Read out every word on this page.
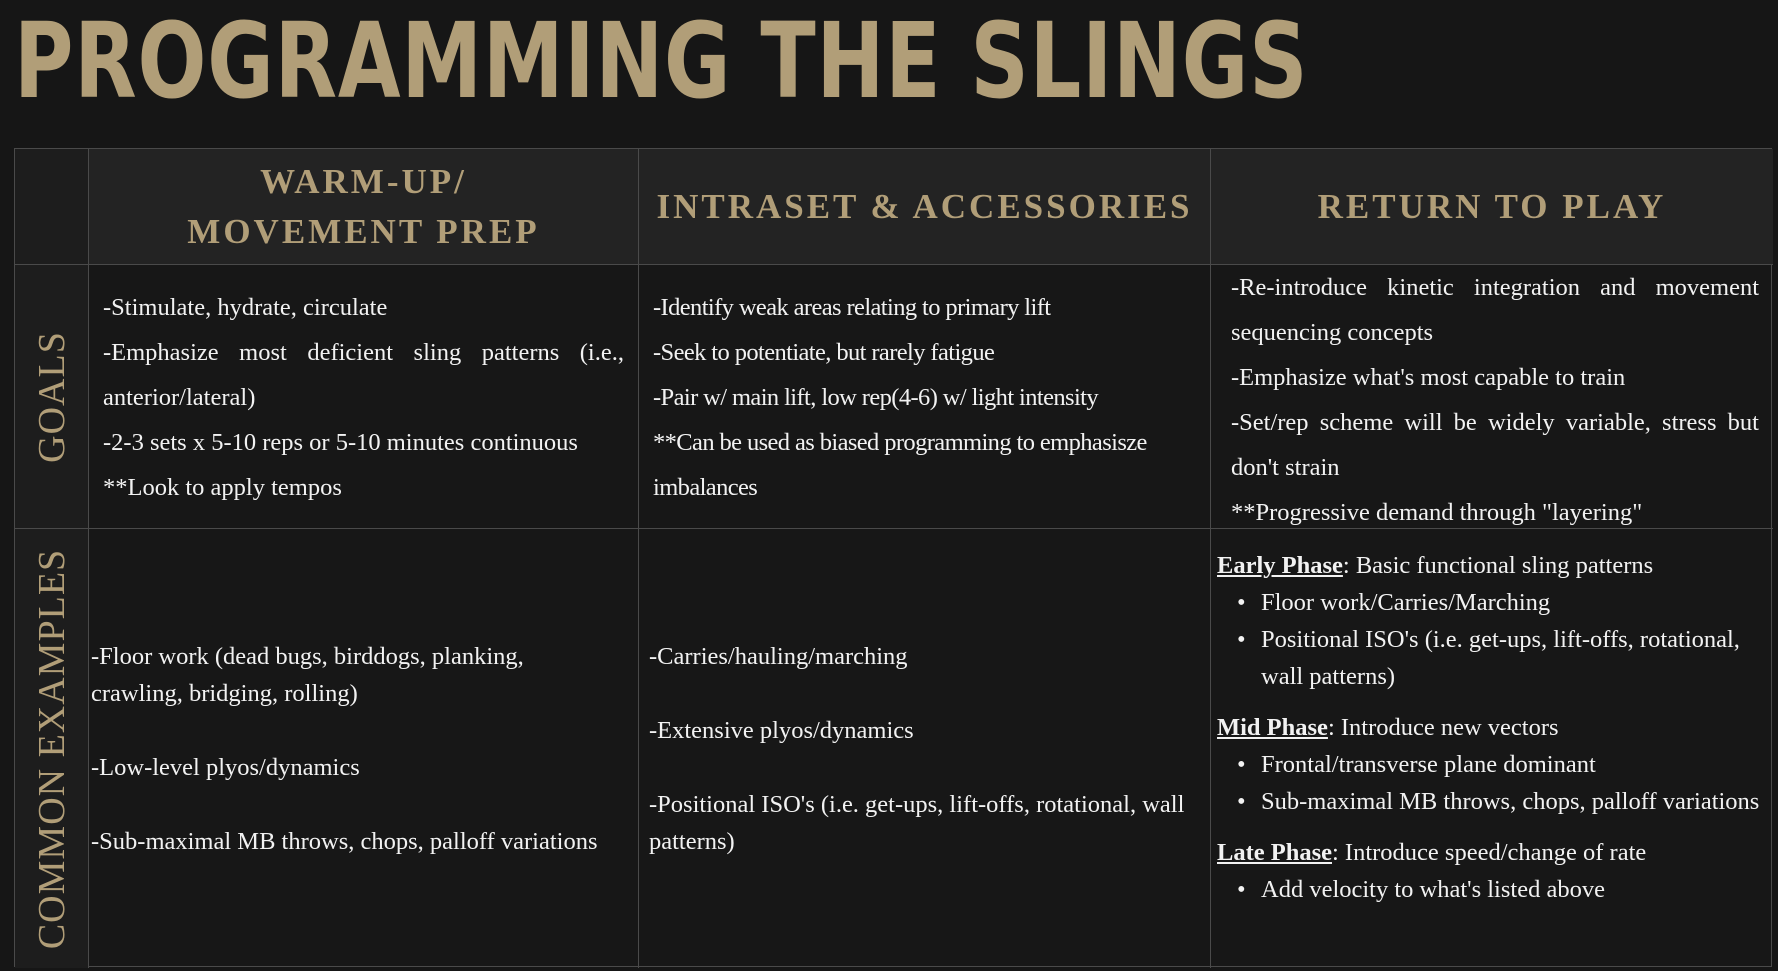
PROGRAMMING THE SLINGS
WARM-UP/
MOVEMENT PREP
INTRASET & ACCESSORIES	RETURN TO PLAY
GOALS

-Stimulate, hydrate, circulate

-Emphasize most deficient sling patterns (i.e., anterior/lateral)

-2-3 sets x 5-10 reps or 5-10 minutes continuous

**Look to apply tempos

-Identify weak areas relating to primary lift

-Seek to potentiate, but rarely fatigue

-Pair w/ main lift, low rep(4-6) w/ light intensity

**Can be used as biased programming to emphasisze imbalances

-Re-introduce kinetic integration and movement sequencing concepts

-Emphasize what's most capable to train

-Set/rep scheme will be widely variable, stress but don't strain

**Progressive demand through "layering"

COMMON EXAMPLES -Floor work (dead bugs, birddogs, planking, crawling, bridging, rolling)

-Low-level plyos/dynamics

-Sub-maximal MB throws, chops, palloff variations

-Carries/hauling/marching

-Extensive plyos/dynamics

-Positional ISO's (i.e. get-ups, lift-offs, rotational, wall patterns)

Early Phase: Basic functional sling patterns
• Floor work/Carries/Marching
• Positional ISO's (i.e. get-ups, lift-offs, rotational, wall patterns)
Mid Phase: Introduce new vectors
• Frontal/transverse plane dominant
• Sub-maximal MB throws, chops, palloff variations
Late Phase: Introduce speed/change of rate
• Add velocity to what's listed above
